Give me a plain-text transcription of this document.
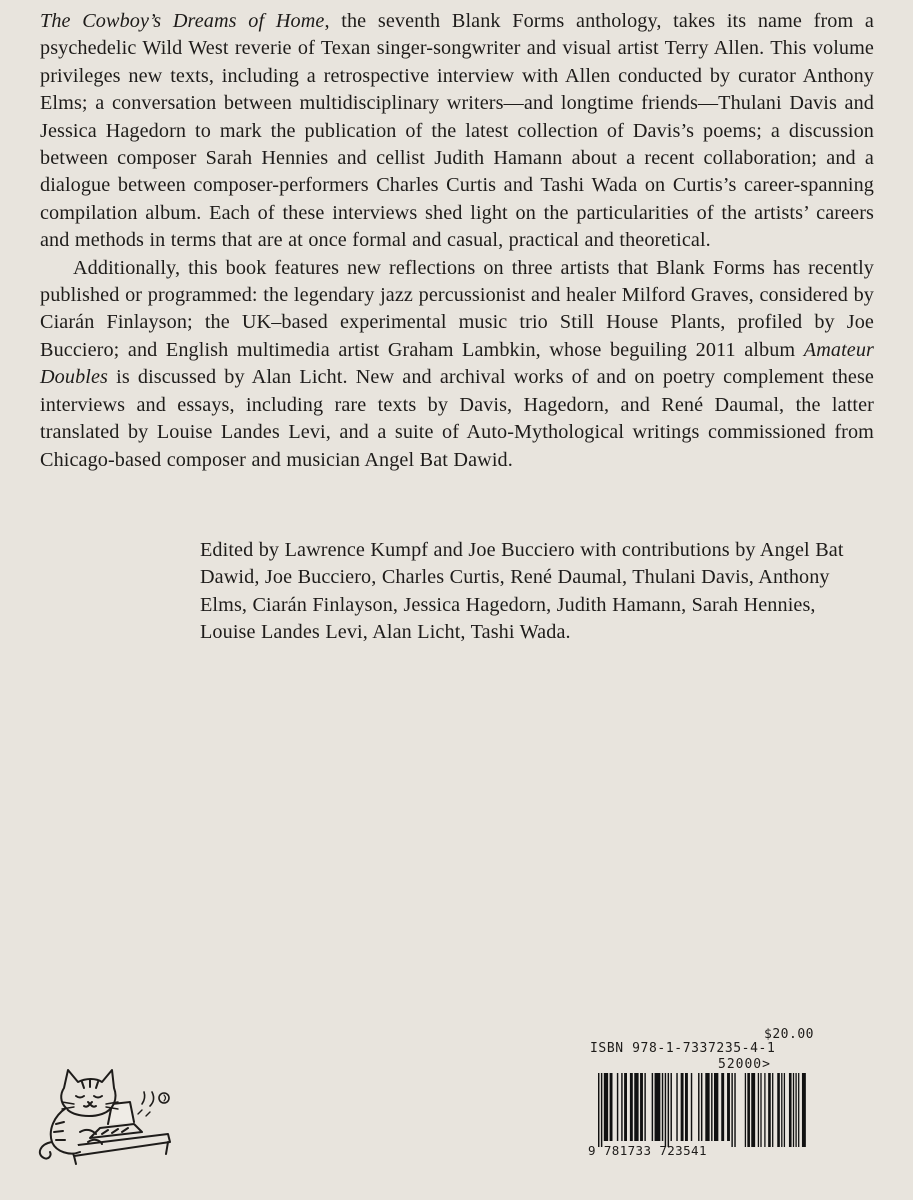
The Cowboy’s Dreams of Home, the seventh Blank Forms anthology, takes its name from a psychedelic Wild West reverie of Texan singer-songwriter and visual artist Terry Allen. This volume privileges new texts, including a retrospective interview with Allen conducted by curator Anthony Elms; a conversation between multidisciplinary writers—and longtime friends—Thulani Davis and Jessica Hagedorn to mark the publication of the latest collection of Davis’s poems; a discussion between composer Sarah Hennies and cellist Judith Hamann about a recent collaboration; and a dialogue between composer-performers Charles Curtis and Tashi Wada on Curtis’s career-spanning compilation album. Each of these interviews shed light on the particularities of the artists’ careers and methods in terms that are at once formal and casual, practical and theoretical.

Additionally, this book features new reflections on three artists that Blank Forms has recently published or programmed: the legendary jazz percussionist and healer Milford Graves, considered by Ciarán Finlayson; the UK–based experimental music trio Still House Plants, profiled by Joe Bucciero; and English multimedia artist Graham Lambkin, whose beguiling 2011 album Amateur Doubles is discussed by Alan Licht. New and archival works of and on poetry complement these interviews and essays, including rare texts by Davis, Hagedorn, and René Daumal, the latter translated by Louise Landes Levi, and a suite of Auto-Mythological writings commissioned from Chicago-based composer and musician Angel Bat Dawid.

Edited by Lawrence Kumpf and Joe Bucciero with contributions by Angel Bat Dawid, Joe Bucciero, Charles Curtis, René Daumal, Thulani Davis, Anthony Elms, Ciarán Finlayson, Jessica Hagedorn, Judith Hamann, Sarah Hennies, Louise Landes Levi, Alan Licht, Tashi Wada.

$20.00
ISBN 978-1-7337235-4-1
52000>
9 781733 723541
